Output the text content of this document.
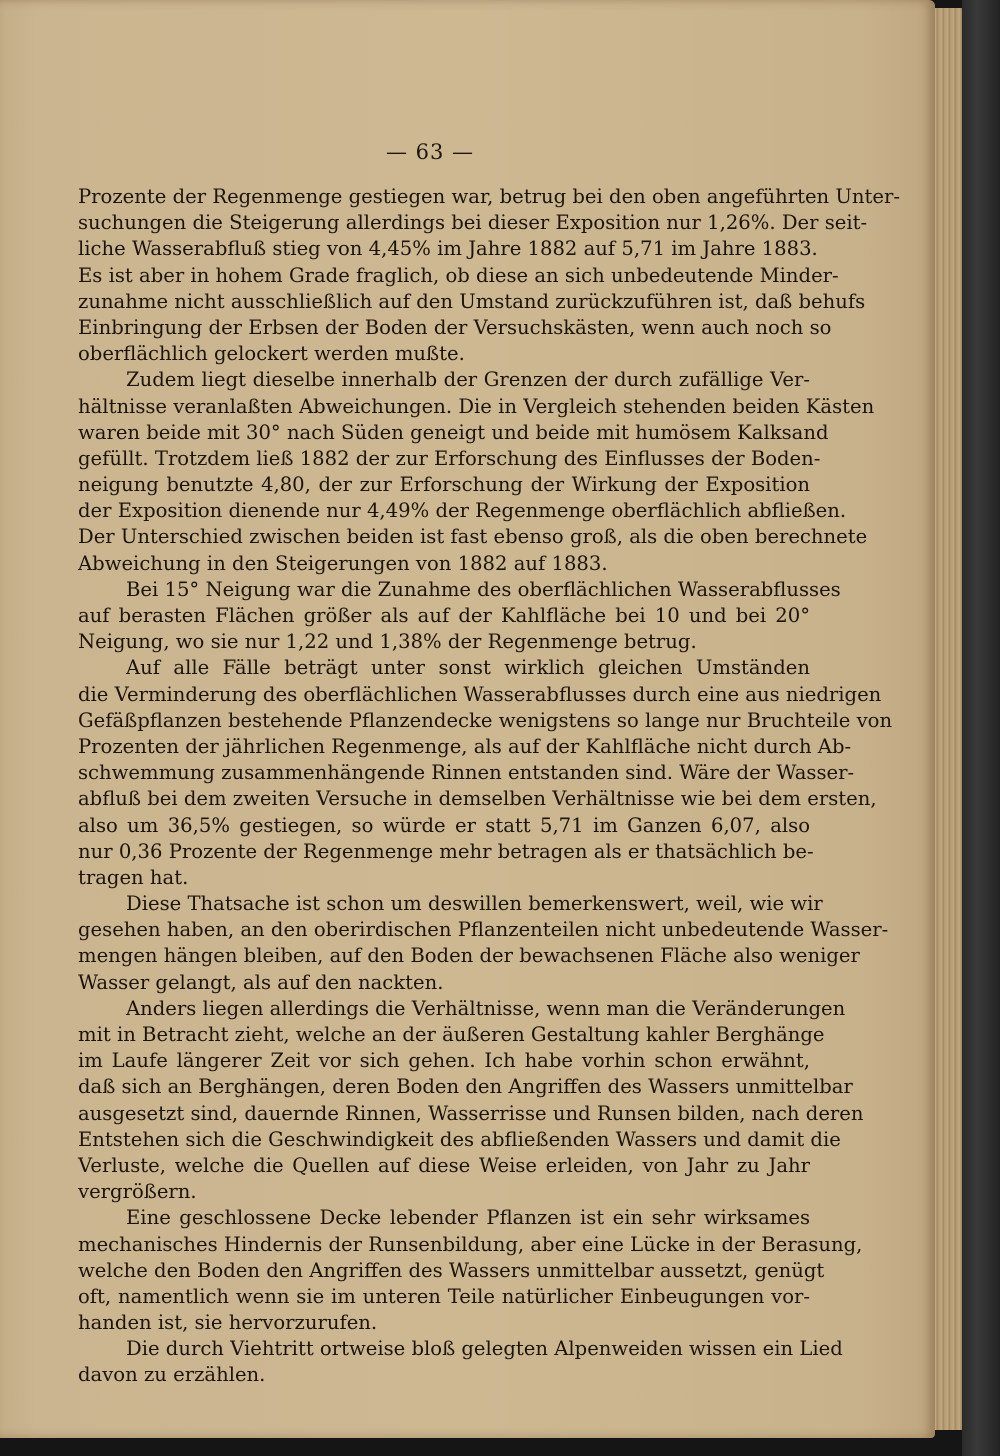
— 63 —
Prozente der Regenmenge gestiegen war, betrug bei den oben angeführten Unter-
suchungen die Steigerung allerdings bei dieser Exposition nur 1,26%. Der seit-
liche Wasserabfluß stieg von 4,45% im Jahre 1882 auf 5,71 im Jahre 1883.
Es ist aber in hohem Grade fraglich, ob diese an sich unbedeutende Minder-
zunahme nicht ausschließlich auf den Umstand zurückzuführen ist, daß behufs
Einbringung der Erbsen der Boden der Versuchskästen, wenn auch noch so
oberflächlich gelockert werden mußte.
Zudem liegt dieselbe innerhalb der Grenzen der durch zufällige Ver-
hältnisse veranlaßten Abweichungen. Die in Vergleich stehenden beiden Kästen
waren beide mit 30° nach Süden geneigt und beide mit humösem Kalksand
gefüllt. Trotzdem ließ 1882 der zur Erforschung des Einflusses der Boden-
neigung benutzte 4,80, der zur Erforschung der Wirkung der Exposition
der Exposition dienende nur 4,49% der Regenmenge oberflächlich abfließen.
Der Unterschied zwischen beiden ist fast ebenso groß, als die oben berechnete
Abweichung in den Steigerungen von 1882 auf 1883.
Bei 15° Neigung war die Zunahme des oberflächlichen Wasserabflusses
auf berasten Flächen größer als auf der Kahlfläche bei 10 und bei 20°
Neigung, wo sie nur 1,22 und 1,38% der Regenmenge betrug.
Auf alle Fälle beträgt unter sonst wirklich gleichen Umständen
die Verminderung des oberflächlichen Wasserabflusses durch eine aus niedrigen
Gefäßpflanzen bestehende Pflanzendecke wenigstens so lange nur Bruchteile von
Prozenten der jährlichen Regenmenge, als auf der Kahlfläche nicht durch Ab-
schwemmung zusammenhängende Rinnen entstanden sind. Wäre der Wasser-
abfluß bei dem zweiten Versuche in demselben Verhältnisse wie bei dem ersten,
also um 36,5% gestiegen, so würde er statt 5,71 im Ganzen 6,07, also
nur 0,36 Prozente der Regenmenge mehr betragen als er thatsächlich be-
tragen hat.
Diese Thatsache ist schon um deswillen bemerkenswert, weil, wie wir
gesehen haben, an den oberirdischen Pflanzenteilen nicht unbedeutende Wasser-
mengen hängen bleiben, auf den Boden der bewachsenen Fläche also weniger
Wasser gelangt, als auf den nackten.
Anders liegen allerdings die Verhältnisse, wenn man die Veränderungen
mit in Betracht zieht, welche an der äußeren Gestaltung kahler Berghänge
im Laufe längerer Zeit vor sich gehen. Ich habe vorhin schon erwähnt,
daß sich an Berghängen, deren Boden den Angriffen des Wassers unmittelbar
ausgesetzt sind, dauernde Rinnen, Wasserrisse und Runsen bilden, nach deren
Entstehen sich die Geschwindigkeit des abfließenden Wassers und damit die
Verluste, welche die Quellen auf diese Weise erleiden, von Jahr zu Jahr
vergrößern.
Eine geschlossene Decke lebender Pflanzen ist ein sehr wirksames
mechanisches Hindernis der Runsenbildung, aber eine Lücke in der Berasung,
welche den Boden den Angriffen des Wassers unmittelbar aussetzt, genügt
oft, namentlich wenn sie im unteren Teile natürlicher Einbeugungen vor-
handen ist, sie hervorzurufen.
Die durch Viehtritt ortweise bloß gelegten Alpenweiden wissen ein Lied
davon zu erzählen.
